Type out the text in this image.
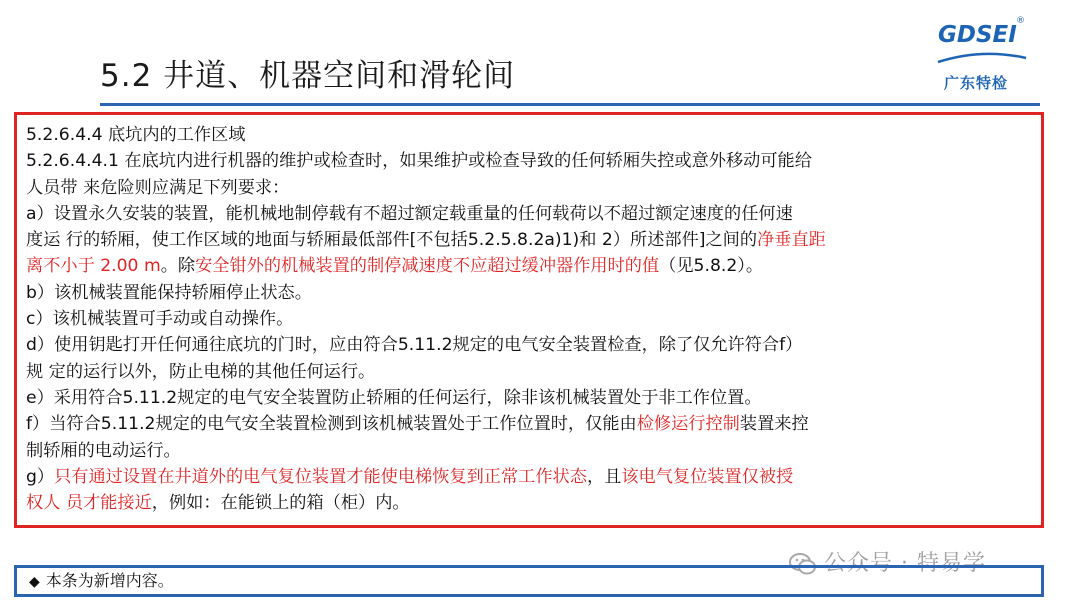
5.2 井道、机器空间和滑轮间
GDSEI
®
广东特检
5.2.6.4.4 底坑内的工作区域
5.2.6.4.4.1 在底坑内进行机器的维护或检查时，如果维护或检查导致的任何轿厢失控或意外移动可能给
人员带 来危险则应满足下列要求：
a）设置永久安装的装置，能机械地制停载有不超过额定载重量的任何载荷以不超过额定速度的任何速
度运 行的轿厢，使工作区域的地面与轿厢最低部件[不包括5.2.5.8.2a)1)和 2）所述部件]之间的净垂直距
离不小于 2.00 m。除安全钳外的机械装置的制停减速度不应超过缓冲器作用时的值（见5.8.2）。
b）该机械装置能保持轿厢停止状态。
c）该机械装置可手动或自动操作。
d）使用钥匙打开任何通往底坑的门时，应由符合5.11.2规定的电气安全装置检查，除了仅允许符合f）
规 定的运行以外，防止电梯的其他任何运行。
e）采用符合5.11.2规定的电气安全装置防止轿厢的任何运行，除非该机械装置处于非工作位置。
f）当符合5.11.2规定的电气安全装置检测到该机械装置处于工作位置时，仅能由检修运行控制装置来控
制轿厢的电动运行。
g）只有通过设置在井道外的电气复位装置才能使电梯恢复到正常工作状态，且该电气复位装置仅被授
权人 员才能接近，例如：在能锁上的箱（柜）内。
公众号 · 特易学
◆ 本条为新增内容。
